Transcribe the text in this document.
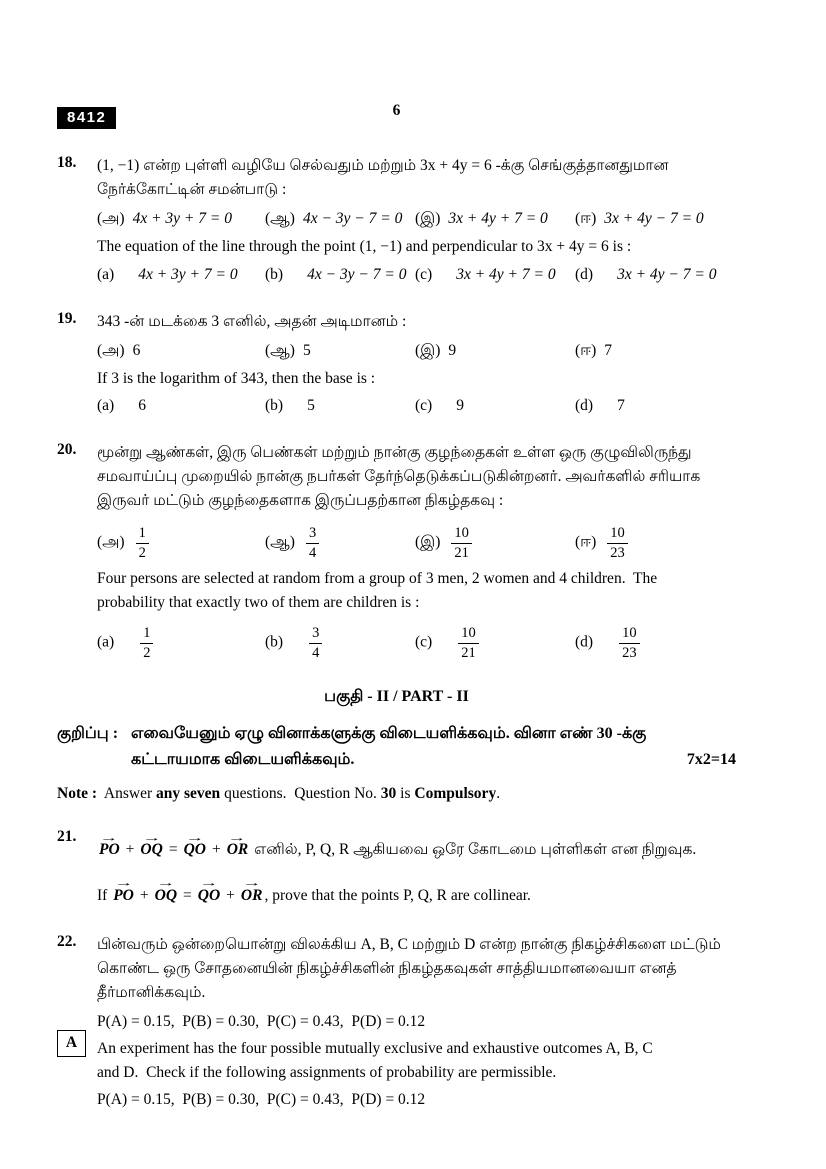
6
8412
18.	(1, −1) என்ற புள்ளி வழியே செல்வதும் மற்றும் 3x + 4y = 6 -க்கு செங்குத்தானதுமான நேர்க்கோட்டின் சமன்பாடு :
(அ) 4x + 3y + 7 = 0	(ஆ) 4x − 3y − 7 = 0 (இ) 3x + 4y + 7 = 0	(ஈ) 3x + 4y − 7 = 0
The equation of the line through the point (1, −1) and perpendicular to 3x + 4y = 6 is :
(a) 4x + 3y + 7 = 0	(b) 4x − 3y − 7 = 0 (c) 3x + 4y + 7 = 0	(d) 3x + 4y − 7 = 0
19.	343 -ன் மடக்கை 3 எனில், அதன் அடிமானம் :
(அ) 6	(ஆ) 5	(இ) 9	(ஈ) 7
If 3 is the logarithm of 343, then the base is :
(a) 6	(b) 5	(c) 9	(d) 7
20.	மூன்று ஆண்கள், இரு பெண்கள் மற்றும் நான்கு குழந்தைகள் உள்ள ஒரு குழுவிலிருந்து சமவாய்ப்பு முறையில் நான்கு நபர்கள் தேர்ந்தெடுக்கப்படுகின்றனர். அவர்களில் சரியாக இருவர் மட்டும் குழந்தைகளாக இருப்பதற்கான நிகழ்தகவு :
(அ) $\frac{1}{2}$	(ஆ) $\frac{3}{4}$	(இ) $\frac{10}{21}$	(ஈ) $\frac{10}{23}$
Four persons are selected at random from a group of 3 men, 2 women and 4 children.  The
probability that exactly two of them are children is :
$(a) \frac{1}{2}$	$(b) \frac{3}{4}$	$(c) \frac{10}{21}$	$(d) \frac{10}{23}$
பகுதி - II / PART - II
குறிப்பு : எவையேனும் ஏழு வினாக்களுக்கு விடையளிக்கவும். வினா எண் 30 -க்கு
கட்டாயமாக விடையளிக்கவும்.	7x2=14
Note :  Answer any seven questions.  Question No. 30 is Compulsory.
21.
→ PO + → OQ = → QO + → OR எனில், P, Q, R ஆகியவை ஒரே கோடமை புள்ளிகள் என நிறுவுக.
If → PO + → OQ = → QO + → OR , prove that the points P, Q, R are collinear.
22.	பின்வரும் ஒன்றையொன்று விலக்கிய A, B, C மற்றும் D என்ற நான்கு நிகழ்ச்சிகளை மட்டும் கொண்ட ஒரு சோதனையின் நிகழ்ச்சிகளின் நிகழ்தகவுகள் சாத்தியமானவையா எனத் தீர்மானிக்கவும்.
P(A) = 0.15,  P(B) = 0.30,  P(C) = 0.43,  P(D) = 0.12
An experiment has the four possible mutually exclusive and exhaustive outcomes A, B, C
and D.  Check if the following assignments of probability are permissible.
P(A) = 0.15,  P(B) = 0.30,  P(C) = 0.43,  P(D) = 0.12
A
